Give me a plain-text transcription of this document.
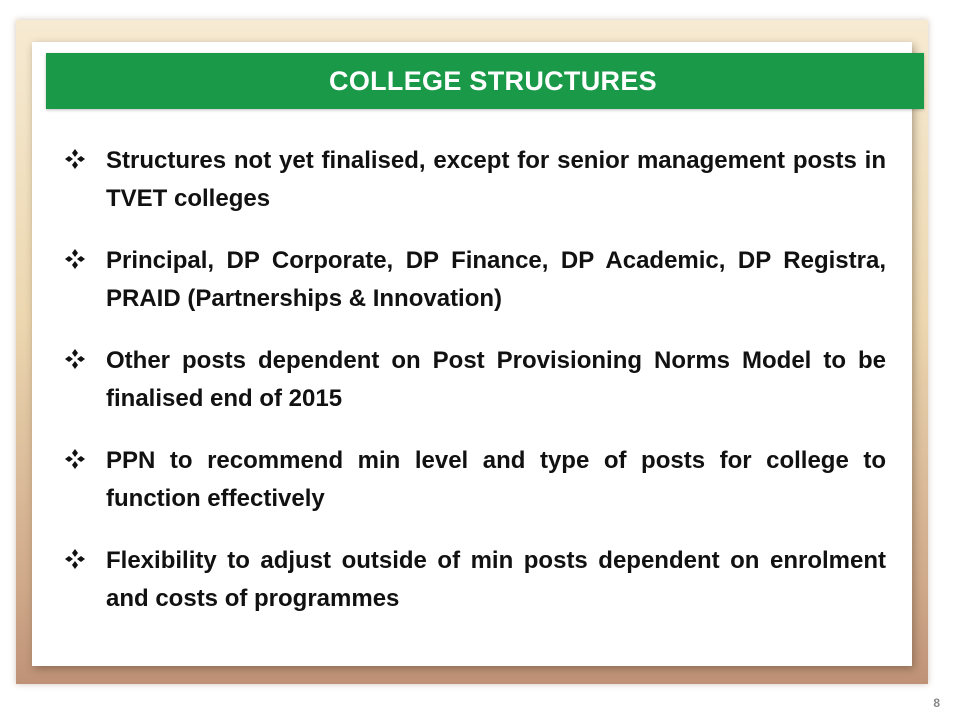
COLLEGE STRUCTURES
Structures not yet finalised, except for senior management posts in TVET colleges
Principal, DP Corporate, DP Finance, DP Academic, DP Registra, PRAID (Partnerships & Innovation)
Other posts dependent on Post Provisioning Norms Model to be finalised end of 2015
PPN to recommend min level and type of posts for college to function effectively
Flexibility to adjust outside of min posts dependent on enrolment and costs of programmes
8
